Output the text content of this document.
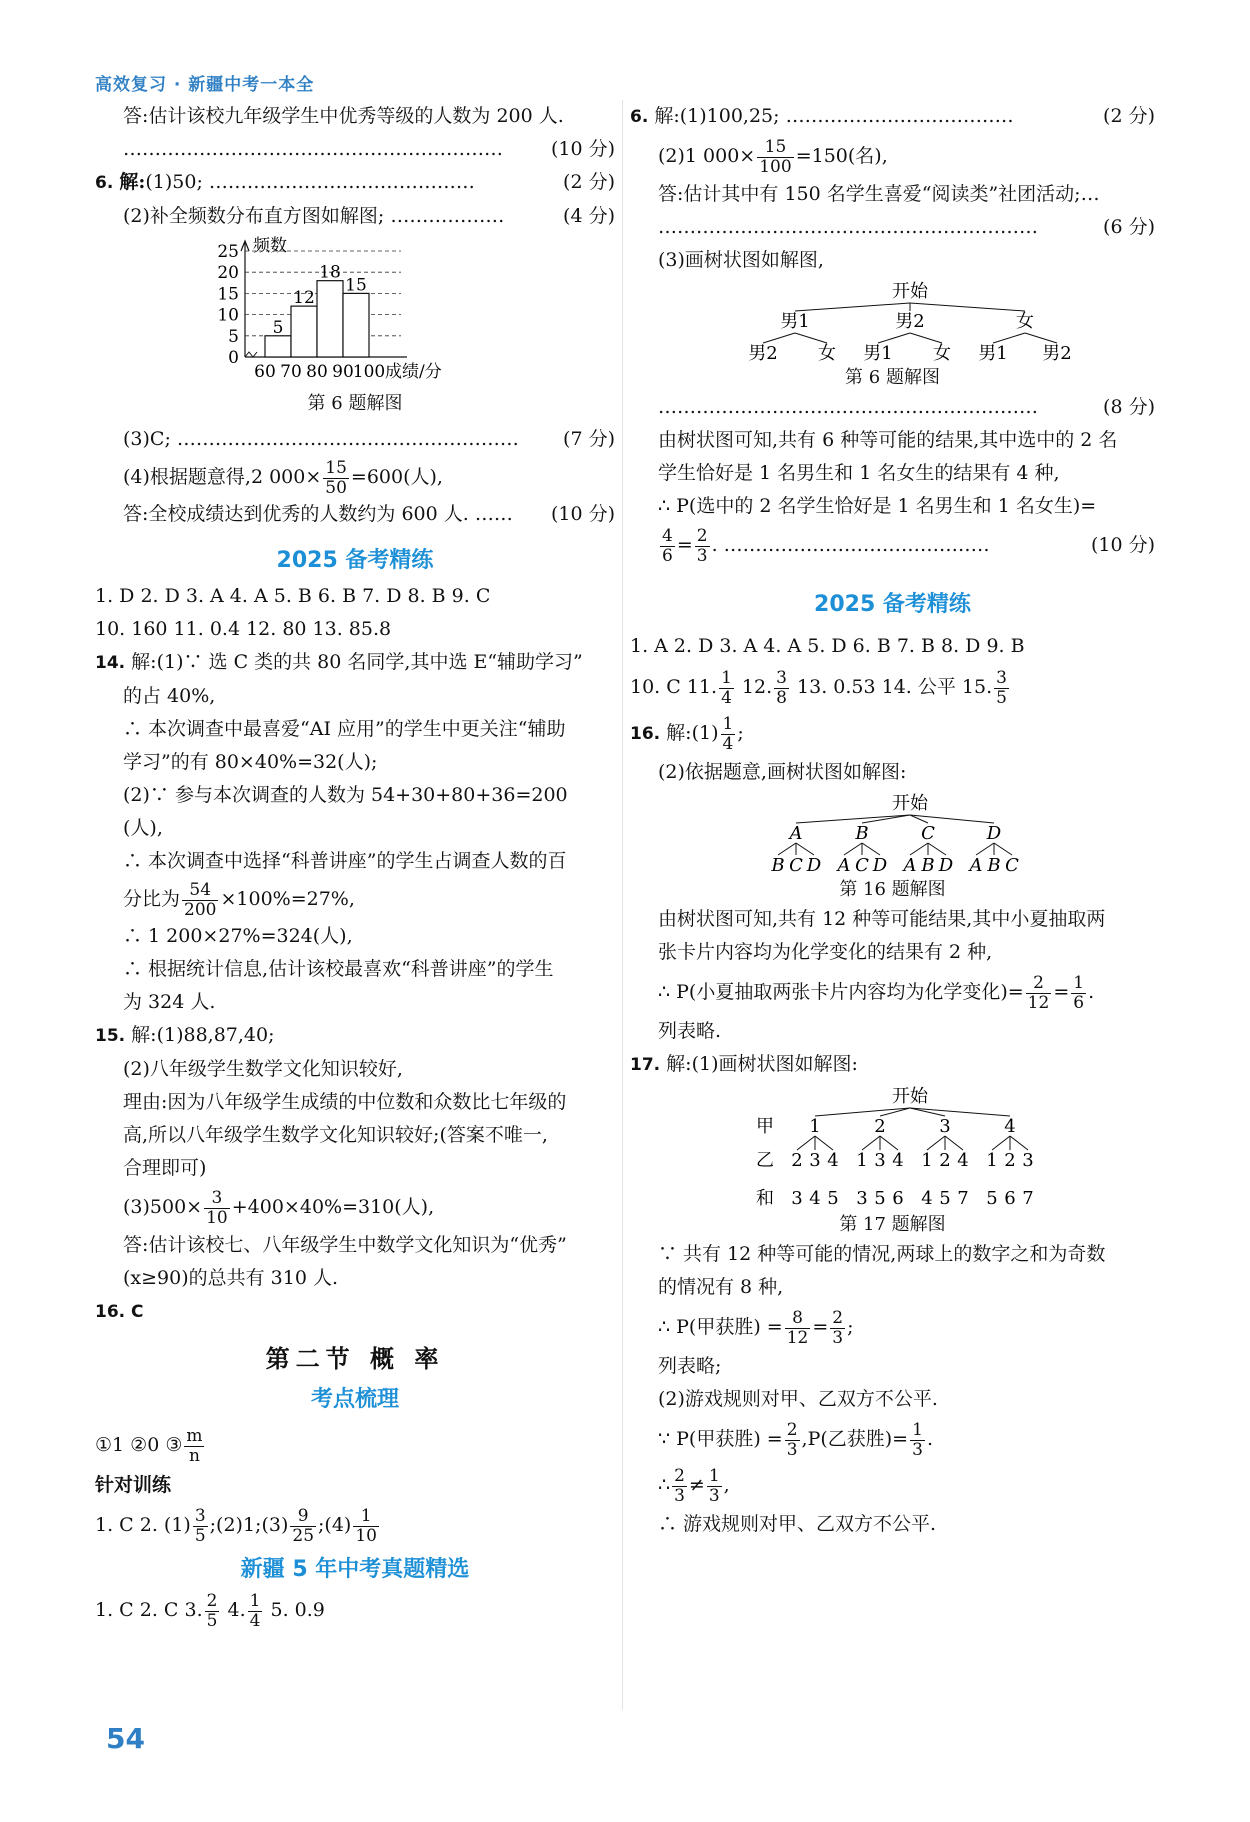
高效复习 · 新疆中考一本全
答:估计该校九年级学生中优秀等级的人数为 200 人.
……………………………………………………	(10 分)
6. 解:(1)50; ……………………………………	(2 分)
(2)补全频数分布直方图如解图; ………………	(4 分)
频数
0
5
10
15
20
25
5
12
18
15
60 70 80 90
100 成绩/分
第 6 题解图
(3)C; ……………………………………………… (7 分)
(4)根据题意得,2 $000\times \frac{15}{50} =600$(人),
答:全校成绩达到优秀的人数约为 600 人. …… (10 分)
2025 备考精练
1. D 2. D 3. A 4. A 5. B 6. B 7. D 8. B 9. C
10. 160 11. 0.4 12. 80 13. 85.8
14. 解:(1)∵ 选 C 类的共 80 名同学,其中选 E“辅助学习”
的占 40%,
∴ 本次调查中最喜爱“AI 应用”的学生中更关注“辅助
学习”的有 80×40%=32(人);
(2)∵ 参与本次调查的人数为 54+30+80+36=200
(人),
∴ 本次调查中选择“科普讲座”的学生占调查人数的百
分比为 $\frac{54}{200} \times 100\%=27\%$,
∴ 1 200×27%=324(人),
∴ 根据统计信息,估计该校最喜欢“科普讲座”的学生
为 324 人.
15. 解:(1)88,87,40;
(2)八年级学生数学文化知识较好,
理由:因为八年级学生成绩的中位数和众数比七年级的
高,所以八年级学生数学文化知识较好;(答案不唯一,
合理即可)
$(3)500\times \frac{3}{10} +400\times 40\%=310$(人),
答:估计该校七、八年级学生中数学文化知识为“优秀”
(x≥90)的总共有 310 人.
16. C
第二节 概 率
考点梳理
①1 ②0 ③ $\frac{m}{n}$
针对训练
1. C 2. $(1) \frac{3}{5}$ ;(2)1;(3) $\frac{9}{25}$ ;(4) $\frac{1}{10}$
新疆 5 年中考真题精选
1. C 2. C 3. $\frac{2}{5} 4$. $\frac{1}{4} 5$. 0.9
6. 解:(1)100,25; ………………………………	(2 分)
(2)1 $000\times \frac{15}{100} =150$(名),
答:估计其中有 150 名学生喜爱“阅读类”社团活动;…
……………………………………………………	(6 分)
(3)画树状图如解图,
开始
男1	男2	女
男2 女 男1 女 男1 男2
第 6 题解图
……………………………………………………	(8 分)
由树状图可知,共有 6 种等可能的结果,其中选中的 2 名
学生恰好是 1 名男生和 1 名女生的结果有 4 种,
∴ P(选中的 2 名学生恰好是 1 名男生和 1 名女生)=
$\frac{4}{6} = \frac{2}{3}$ . ……………………………………	(10 分)
2025 备考精练
1. A 2. D 3. A 4. A 5. D 6. B 7. B 8. D 9. B
10. C 11. $\frac{1}{4} 12$. $\frac{3}{8} 13$. 0.53 14. 公平 15. $\frac{3}{5}$
16. 解:(1) $\frac{1}{4}$ ;
(2)依据题意,画树状图如解图:
开始
A	B	C	D
B C D A C D A B D A B C
第 16 题解图
由树状图可知,共有 12 种等可能结果,其中小夏抽取两
张卡片内容均为化学变化的结果有 2 种,
∴ P(小夏抽取两张卡片内容均为化学变化)= $\frac{2}{12} = \frac{1}{6}$ .
列表略.
17. 解:(1)画树状图如解图:
开始
甲
乙
和
1	2	3	4
2 3 4 1 3 4 1 2 4 1 2 3
3 4 5 3 5 6 4 5 7 5 6 7
第 17 题解图
∵ 共有 12 种等可能的情况,两球上的数字之和为奇数
的情况有 8 种,
∴ P(甲获胜) = $\frac{8}{12} = \frac{2}{3}$ ;
列表略;
(2)游戏规则对甲、乙双方不公平.
∵ P(甲获胜) = $\frac{2}{3} ,P$(乙获胜)= $\frac{1}{3}$ .
∴ $\frac{2}{3} \ne \frac{1}{3}$ ,
∴ 游戏规则对甲、乙双方不公平.
54
